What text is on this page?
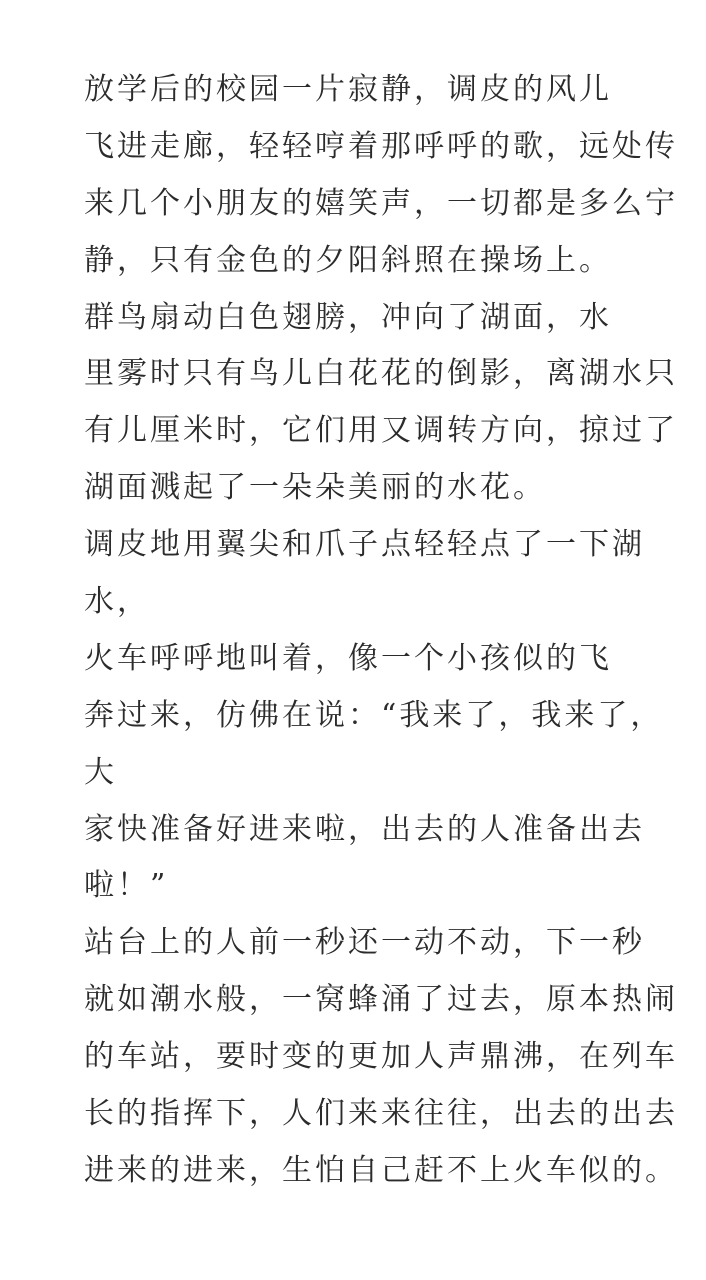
放学后的校园一片寂静，调皮的风儿
飞进走廊，轻轻哼着那呼呼的歌，远处传
来几个小朋友的嬉笑声，一切都是多么宁
静，只有金色的夕阳斜照在操场上。
群鸟扇动白色翅膀，冲向了湖面，水
里雾时只有鸟儿白花花的倒影，离湖水只
有儿厘米时，它们用又调转方向，掠过了
湖面溅起了一朵朵美丽的水花。
调皮地用翼尖和爪子点轻轻点了一下湖
水，
火车呼呼地叫着，像一个小孩似的飞
奔过来，仿佛在说：“我来了，我来了，
大
家快准备好进来啦，出去的人准备出去
啦！”
站台上的人前一秒还一动不动，下一秒
就如潮水般，一窝蜂涌了过去，原本热闹
的车站，要时变的更加人声鼎沸，在列车
长的指挥下，人们来来往往，出去的出去
进来的进来，生怕自己赶不上火车似的。
